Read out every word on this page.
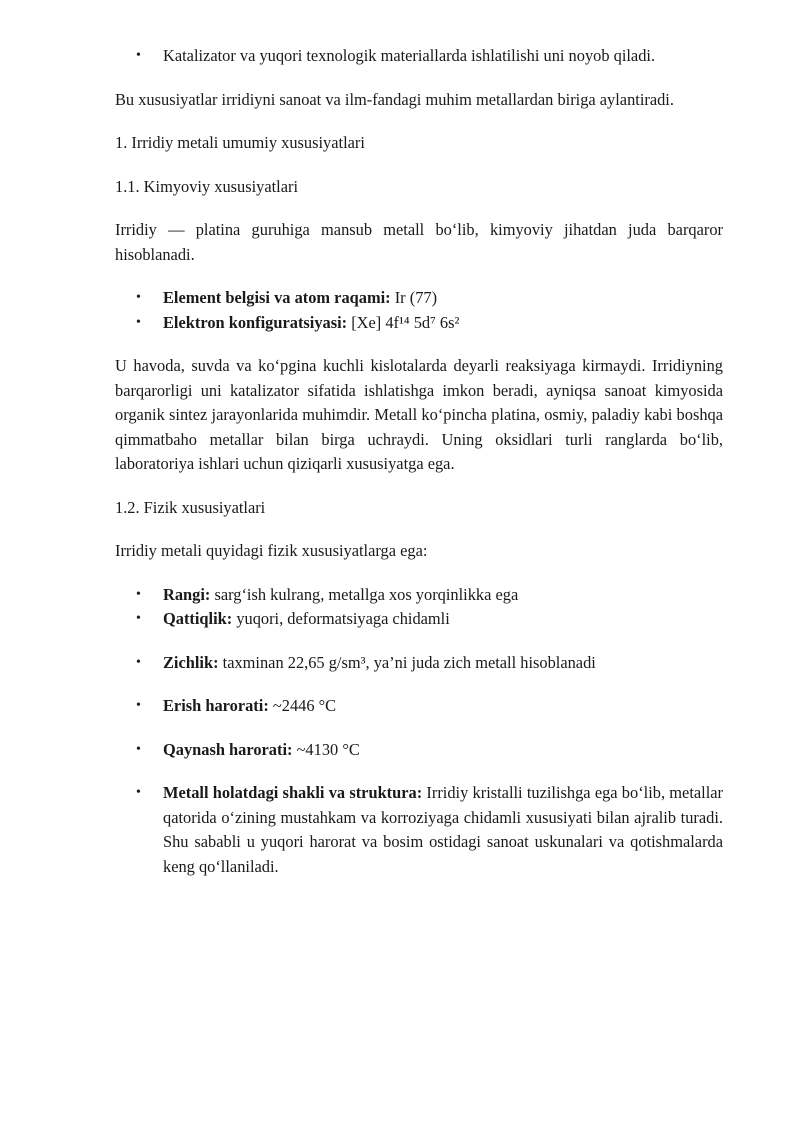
• Katalizator va yuqori texnologik materiallarda ishlatilishi uni noyob qiladi.

Bu xususiyatlar irridiyni sanoat va ilm-fandagi muhim metallardan biriga aylantiradi.

1. Irridiy metali umumiy xususiyatlari

1.1. Kimyoviy xususiyatlari

Irridiy — platina guruhiga mansub metall bo‘lib, kimyoviy jihatdan juda barqaror hisoblanadi.

• Element belgisi va atom raqami: Ir (77)
• Elektron konfiguratsiyasi: [Xe] 4f¹⁴ 5d⁷ 6s²

U havoda, suvda va ko‘pgina kuchli kislotalarda deyarli reaksiyaga kirmaydi. Irridiyning barqarorligi uni katalizator sifatida ishlatishga imkon beradi, ayniqsa sanoat kimyosida organik sintez jarayonlarida muhimdir. Metall ko‘pincha platina, osmiy, paladiy kabi boshqa qimmatbaho metallar bilan birga uchraydi. Uning oksidlari turli ranglarda bo‘lib, laboratoriya ishlari uchun qiziqarli xususiyatga ega.

1.2. Fizik xususiyatlari

Irridiy metali quyidagi fizik xususiyatlarga ega:

• Rangi: sarg‘ish kulrang, metallga xos yorqinlikka ega
• Qattiqlik: yuqori, deformatsiyaga chidamli
• Zichlik: taxminan 22,65 g/sm³, ya’ni juda zich metall hisoblanadi
• Erish harorati: ~2446 °C
• Qaynash harorati: ~4130 °C
• Metall holatdagi shakli va struktura: Irridiy kristalli tuzilishga ega bo‘lib, metallar qatorida o‘zining mustahkam va korroziyaga chidamli xususiyati bilan ajralib turadi. Shu sababli u yuqori harorat va bosim ostidagi sanoat uskunalari va qotishmalarda keng qo‘llaniladi.
